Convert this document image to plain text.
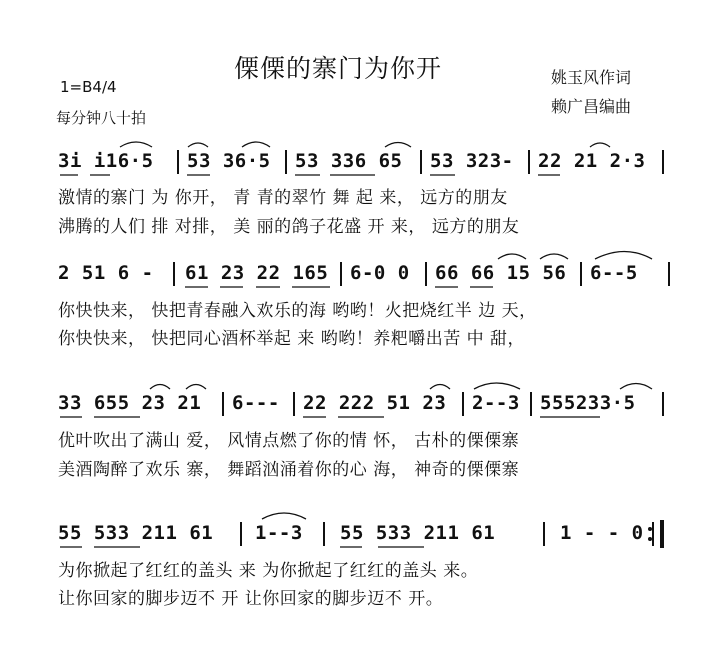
傈傈的寨门为你开	姚玉风作词
赖广昌编曲
1=B4/4
每分钟八十拍
3i i16·5 53 36·5 53 336 65 53 323- 22 21 2·3
激情的寨门 为 你开， 青 青的翠竹 舞 起 来， 远方的朋友
沸腾的人们 排 对排， 美 丽的鸽子花盛 开 来， 远方的朋友
2 51 6 - 61 23 22 165 6-0 0 66 66 15 56 6--5
你快快来， 快把青春融入欢乐的海 哟哟！火把烧红半 边 天，
你快快来， 快把同心酒杯举起 来 哟哟！养粑嚼出苦 中 甜，
33 655 23 21 6--- 22 222 51 23 2--3 555233·5
优叶吹出了满山 爱， 风情点燃了你的情 怀， 古朴的傈傈寨
美酒陶醉了欢乐 寨， 舞蹈汹涌着你的心 海， 神奇的傈傈寨
55 533 211 61 1--3 55 533 211 61	1 - - 0
为你掀起了红红的盖头 来 为你掀起了红红的盖头 来。
让你回家的脚步迈不 开 让你回家的脚步迈不 开。
